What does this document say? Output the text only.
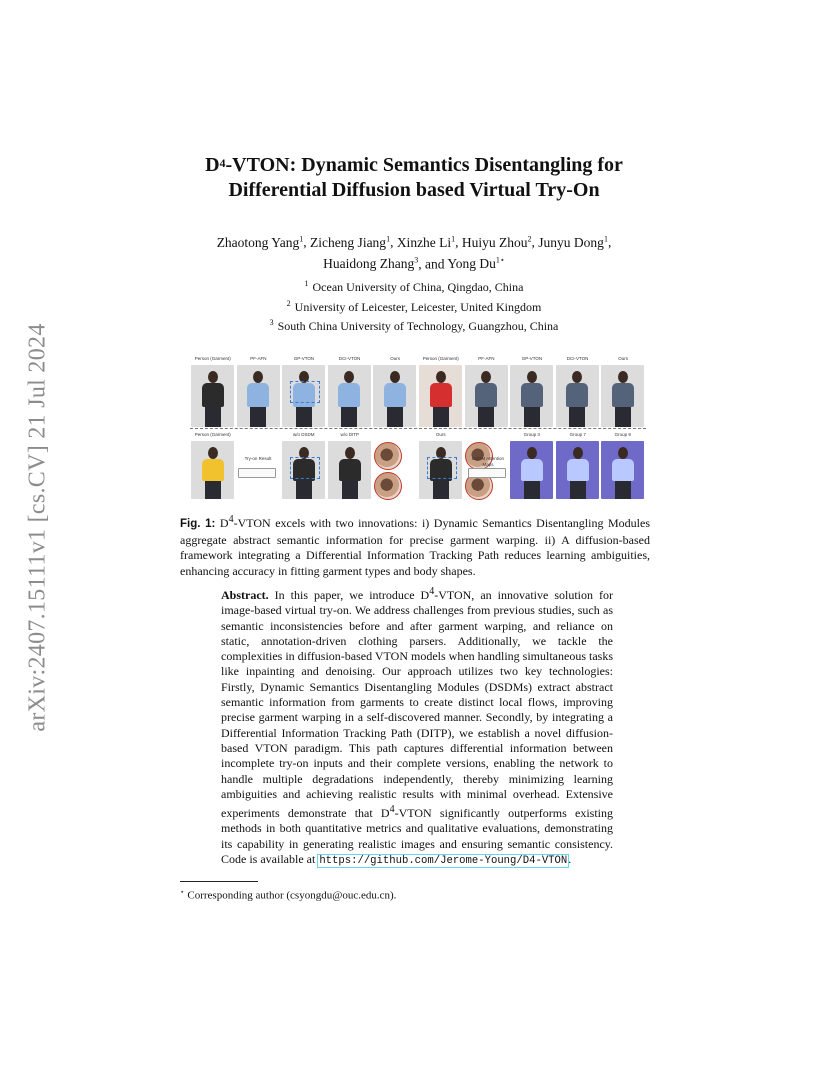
arXiv:2407.15111v1 [cs.CV] 21 Jul 2024
$D^4$-VTON: Dynamic Semantics Disentangling for
Differential Diffusion based Virtual Try-On
Zhaotong Yang$^1$, Zicheng Jiang$^1$, Xinzhe Li$^1$, Huiyu Zhou$^2$, Junyu Dong$^1$,
Huaidong Zhang$^3$, and Yong $Du^{1⋆}$
$^1$ Ocean University of China, Qingdao, China
$^2$ University of Leicester, Leicester, United Kingdom
$^3$ South China University of Technology, Guangzhou, China
Person (Garment)	PF-AFN	GP-VTON	DCI-VTON	Ours	Person (Garment)	PF-AFN	GP-VTON	DCI-VTON	Ours
Person (Garment)	w/o DSDM	w/o DITP	Ours	Group 3	Group 7	Group 9
Try-on Result	DSDM Attention Maps
Fig. 1: $D^4$-VTON excels with two innovations: i) Dynamic Semantics Disentangling Modules aggregate abstract semantic information for precise garment warping. ii) A diffusion-based framework integrating a Differential Information Tracking Path reduces learning ambiguities, enhancing accuracy in fitting garment types and body shapes.
Abstract. In this paper, we introduce $D^4$-VTON, an innovative solution for image-based virtual try-on. We address challenges from previous studies, such as semantic inconsistencies before and after garment warping, and reliance on static, annotation-driven clothing parsers. Additionally, we tackle the complexities in diffusion-based VTON models when handling simultaneous tasks like inpainting and denoising. Our approach utilizes two key technologies: Firstly, Dynamic Semantics Disentangling Modules (DSDMs) extract abstract semantic information from garments to create distinct local flows, improving precise garment warping in a self-discovered manner. Secondly, by integrating a Differential Information Tracking Path (DITP), we establish a novel diffusion-based VTON paradigm. This path captures differential information between incomplete try-on inputs and their complete versions, enabling the network to handle multiple degradations independently, thereby minimizing learning ambiguities and achieving realistic results with minimal overhead. Extensive experiments demonstrate that $D^4$-VTON significantly outperforms existing methods in both quantitative metrics and qualitative evaluations, demonstrating its capability in generating realistic images and ensuring semantic consistency. Code is available at https://github.com/Jerome-Young/D4-VTON.
⋆ Corresponding author (csyongdu@ouc.edu.cn).
